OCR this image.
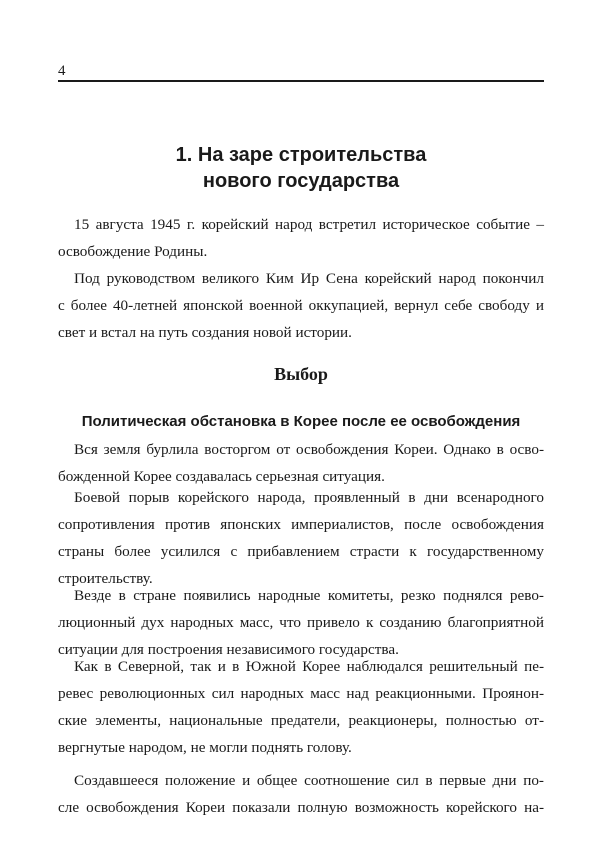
4
1. На заре строительства
нового государства

15 августа 1945 г. корейский народ встретил историческое событие –
освобождение Родины.

Под руководством великого Ким Ир Сена корейский народ покончил
с более 40-летней японской военной оккупацией, вернул себе свободу и
свет и встал на путь создания новой истории.

Выбор
Политическая обстановка в Корее после ее освобождения

Вся земля бурлила восторгом от освобождения Кореи. Однако в осво-
божденной Корее создавалась серьезная ситуация.

Боевой порыв корейского народа, проявленный в дни всенародного
сопротивления против японских империалистов, после освобождения
страны более усилился с прибавлением страсти к государственному
строительству.

Везде в стране появились народные комитеты, резко поднялся рево-
люционный дух народных масс, что привело к созданию благоприятной
ситуации для построения независимого государства.

Как в Северной, так и в Южной Корее наблюдался решительный пе-
ревес революционных сил народных масс над реакционными. Проянон-
ские элементы, национальные предатели, реакционеры, полностью от-
вергнутые народом, не могли поднять голову.

Создавшееся положение и общее соотношение сил в первые дни по-
сле освобождения Кореи показали полную возможность корейского на-
